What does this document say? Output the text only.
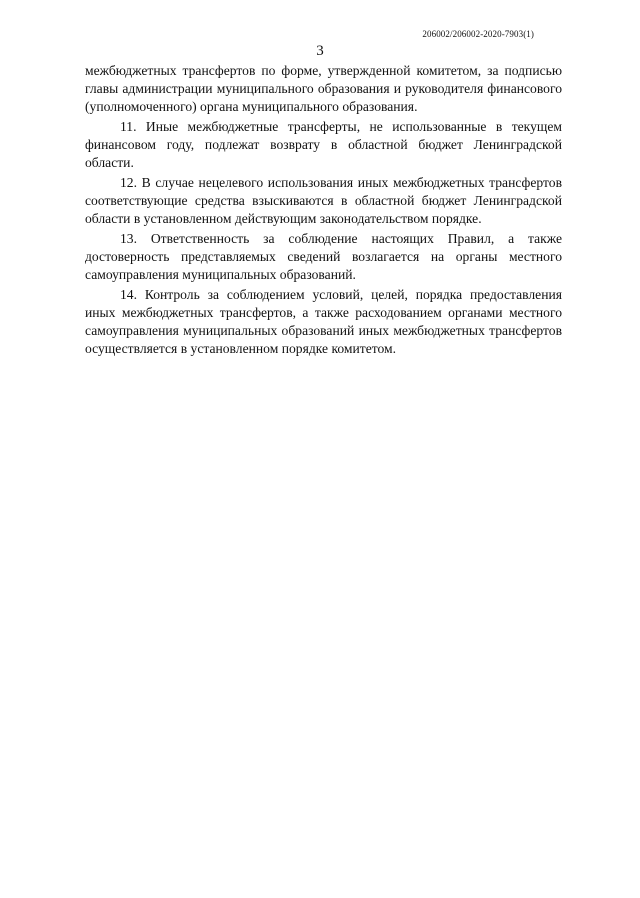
206002/206002-2020-7903(1)
3

межбюджетных трансфертов по форме, утвержденной комитетом, за подписью главы администрации муниципального образования и руководителя финансового (уполномоченного) органа муниципального образования.

11. Иные межбюджетные трансферты, не использованные в текущем финансовом году, подлежат возврату в областной бюджет Ленинградской области.

12. В случае нецелевого использования иных межбюджетных трансфертов соответствующие средства взыскиваются в областной бюджет Ленинградской области в установленном действующим законодательством порядке.

13. Ответственность за соблюдение настоящих Правил, а также достоверность представляемых сведений возлагается на органы местного самоуправления муниципальных образований.

14. Контроль за соблюдением условий, целей, порядка предоставления иных межбюджетных трансфертов, а также расходованием органами местного самоуправления муниципальных образований иных межбюджетных трансфертов осуществляется в установленном порядке комитетом.
